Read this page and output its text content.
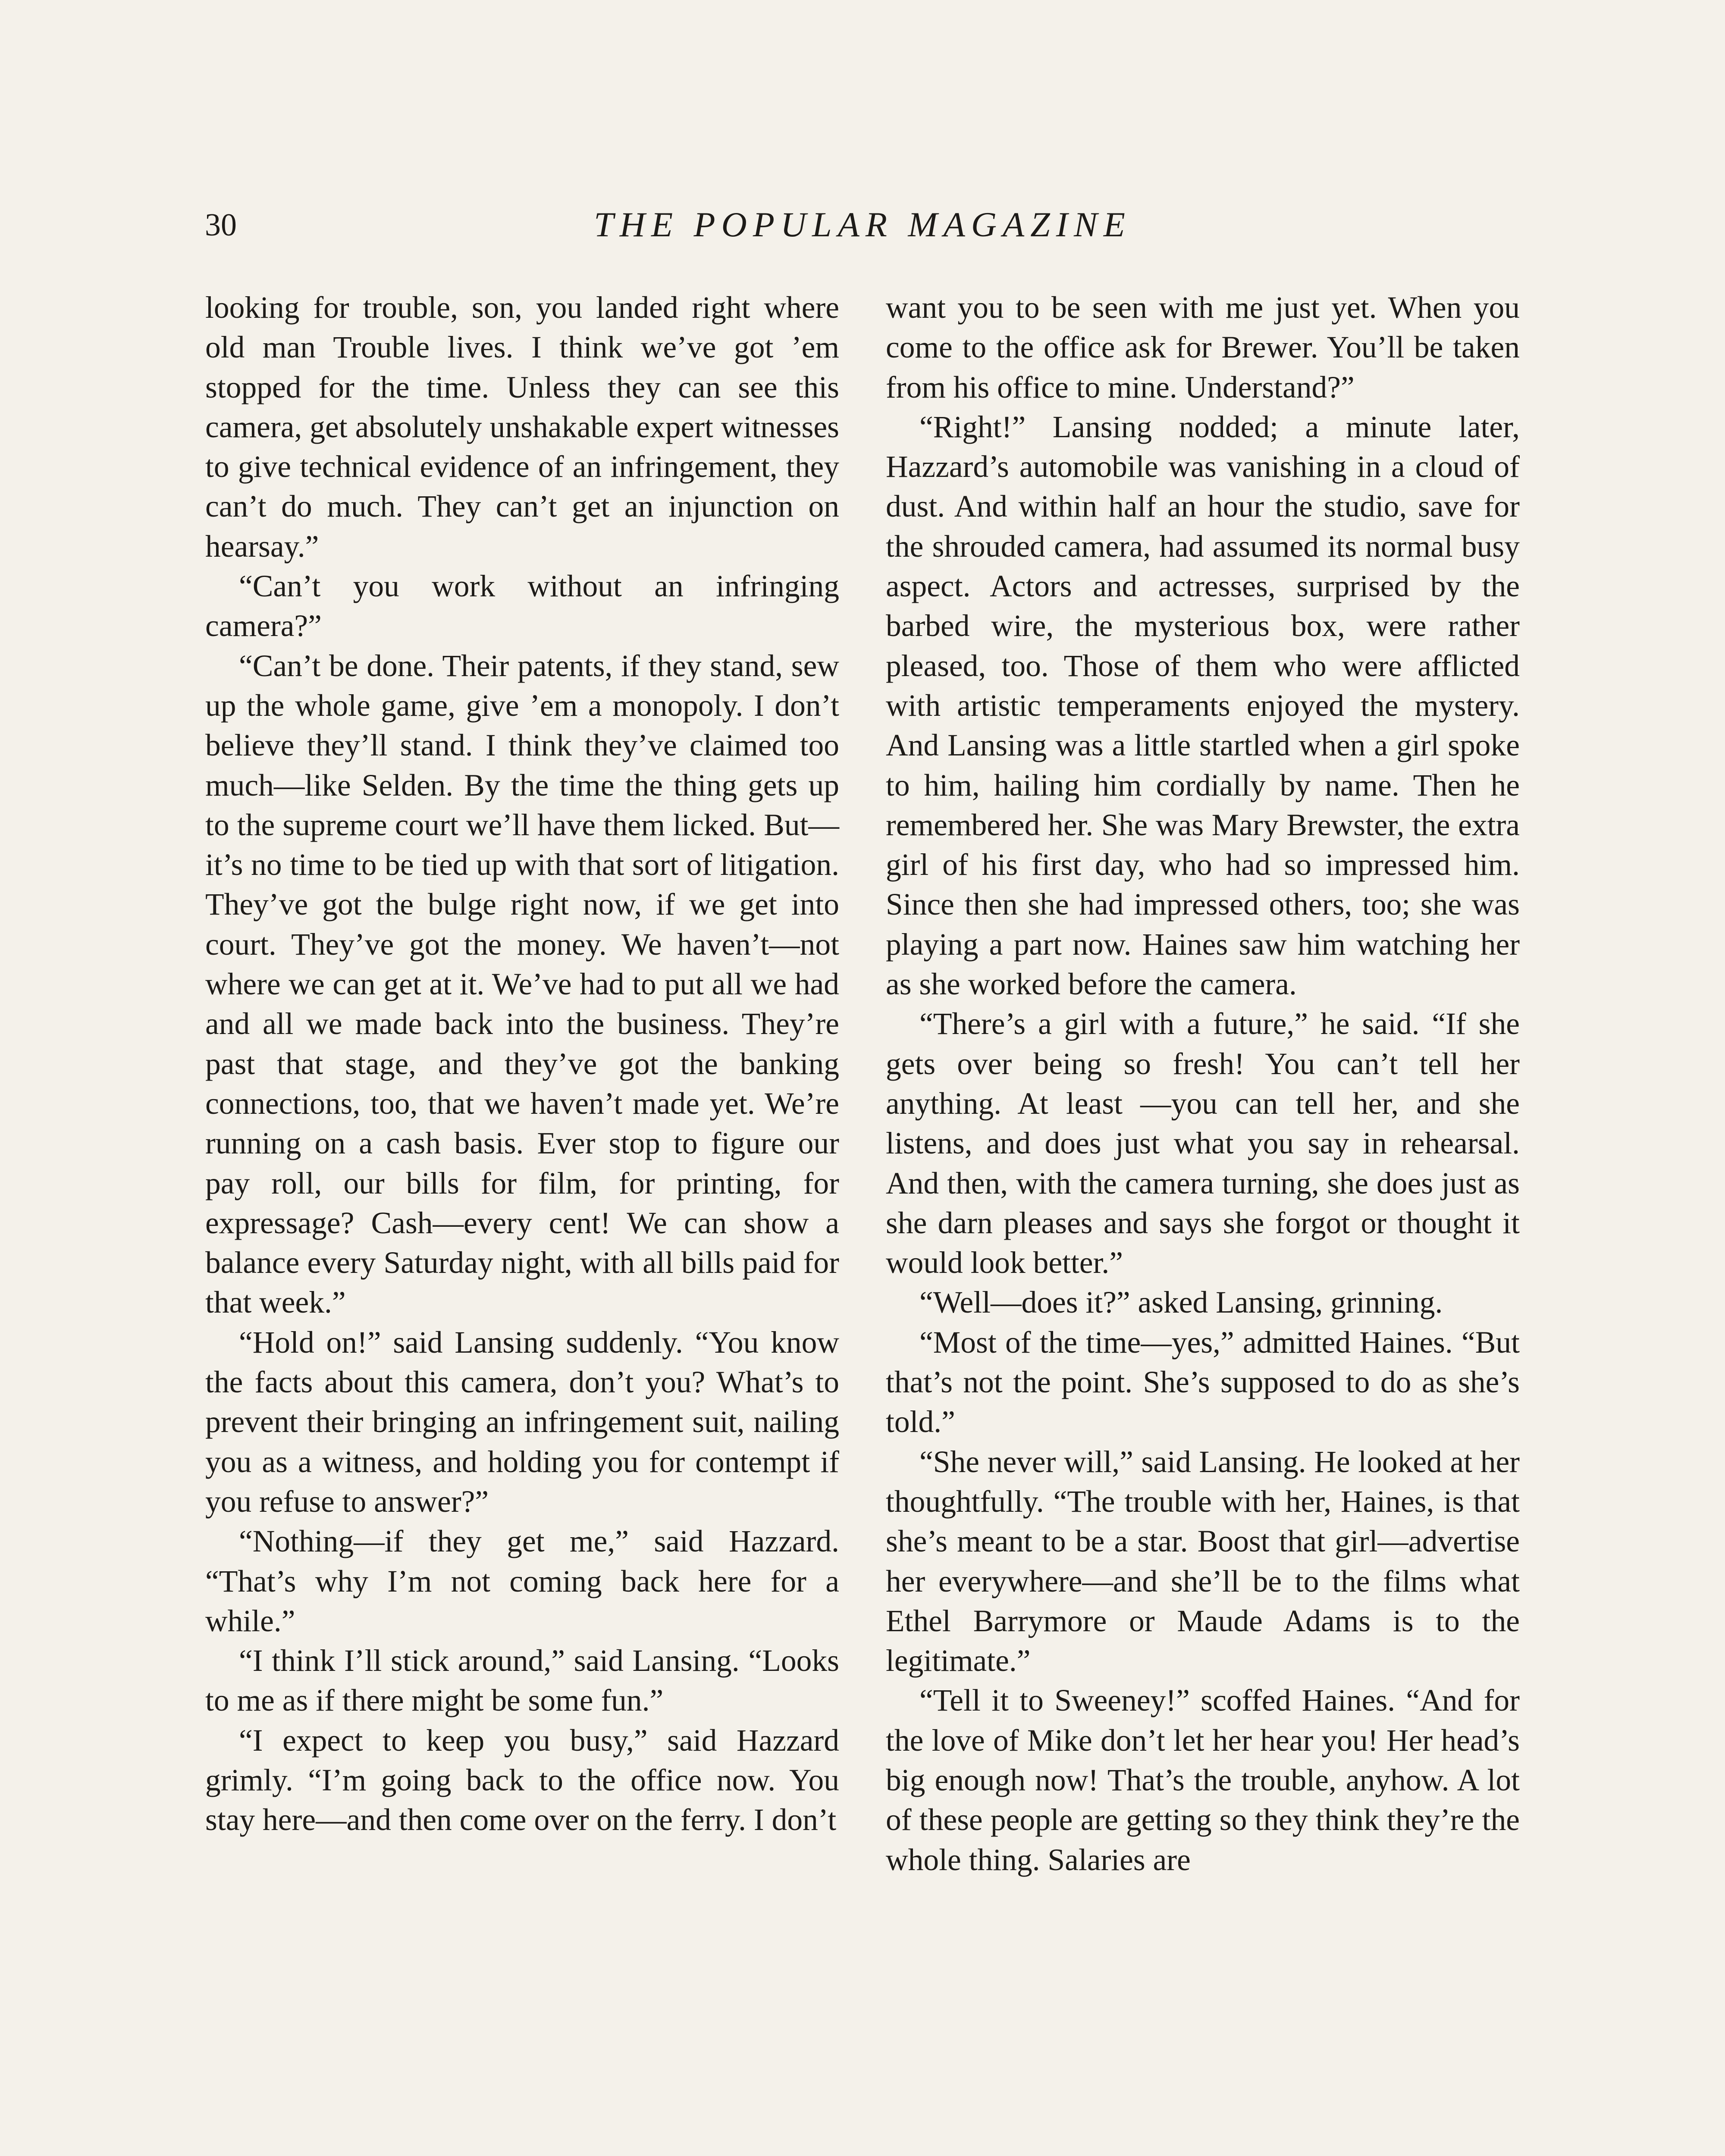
30	THE POPULAR MAGAZINE

looking for trouble, son, you landed right where old man Trouble lives. I think we’ve got ’em stopped for the time. Unless they can see this camera, get absolutely unshakable expert witnesses to give technical evidence of an infringement, they can’t do much. They can’t get an injunction on hearsay.”

“Can’t you work without an infringing camera?”

“Can’t be done. Their patents, if they stand, sew up the whole game, give ’em a monopoly. I don’t believe they’ll stand. I think they’ve claimed too much—like Selden. By the time the thing gets up to the supreme court we’ll have them licked. But—it’s no time to be tied up with that sort of litigation. They’ve got the bulge right now, if we get into court. They’ve got the money. We haven’t—not where we can get at it. We’ve had to put all we had and all we made back into the business. They’re past that stage, and they’ve got the banking connections, too, that we haven’t made yet. We’re running on a cash basis. Ever stop to figure our pay roll, our bills for film, for printing, for expressage? Cash—every cent! We can show a balance every Saturday night, with all bills paid for that week.”

“Hold on!” said Lansing suddenly. “You know the facts about this camera, don’t you? What’s to prevent their bringing an infringement suit, nailing you as a witness, and holding you for contempt if you refuse to answer?”

“Nothing—if they get me,” said Hazzard. “That’s why I’m not coming back here for a while.”

“I think I’ll stick around,” said Lansing. “Looks to me as if there might be some fun.”

“I expect to keep you busy,” said Hazzard grimly. “I’m going back to the office now. You stay here—and then come over on the ferry. I don’t

want you to be seen with me just yet. When you come to the office ask for Brewer. You’ll be taken from his office to mine. Understand?”

“Right!” Lansing nodded; a minute later, Hazzard’s automobile was vanishing in a cloud of dust. And within half an hour the studio, save for the shrouded camera, had assumed its normal busy aspect. Actors and actresses, surprised by the barbed wire, the mysterious box, were rather pleased, too. Those of them who were afflicted with artistic temperaments enjoyed the mystery. And Lansing was a little startled when a girl spoke to him, hailing him cordially by name. Then he remembered her. She was Mary Brewster, the extra girl of his first day, who had so impressed him. Since then she had impressed others, too; she was playing a part now. Haines saw him watching her as she worked before the camera.

“There’s a girl with a future,” he said. “If she gets over being so fresh! You can’t tell her anything. At least —you can tell her, and she listens, and does just what you say in rehearsal. And then, with the camera turning, she does just as she darn pleases and says she forgot or thought it would look better.”

“Well—does it?” asked Lansing, grinning.

“Most of the time—yes,” admitted Haines. “But that’s not the point. She’s supposed to do as she’s told.”

“She never will,” said Lansing. He looked at her thoughtfully. “The trouble with her, Haines, is that she’s meant to be a star. Boost that girl—advertise her everywhere—and she’ll be to the films what Ethel Barrymore or Maude Adams is to the legitimate.”

“Tell it to Sweeney!” scoffed Haines. “And for the love of Mike don’t let her hear you! Her head’s big enough now! That’s the trouble, anyhow. A lot of these people are getting so they think they’re the whole thing. Salaries are
